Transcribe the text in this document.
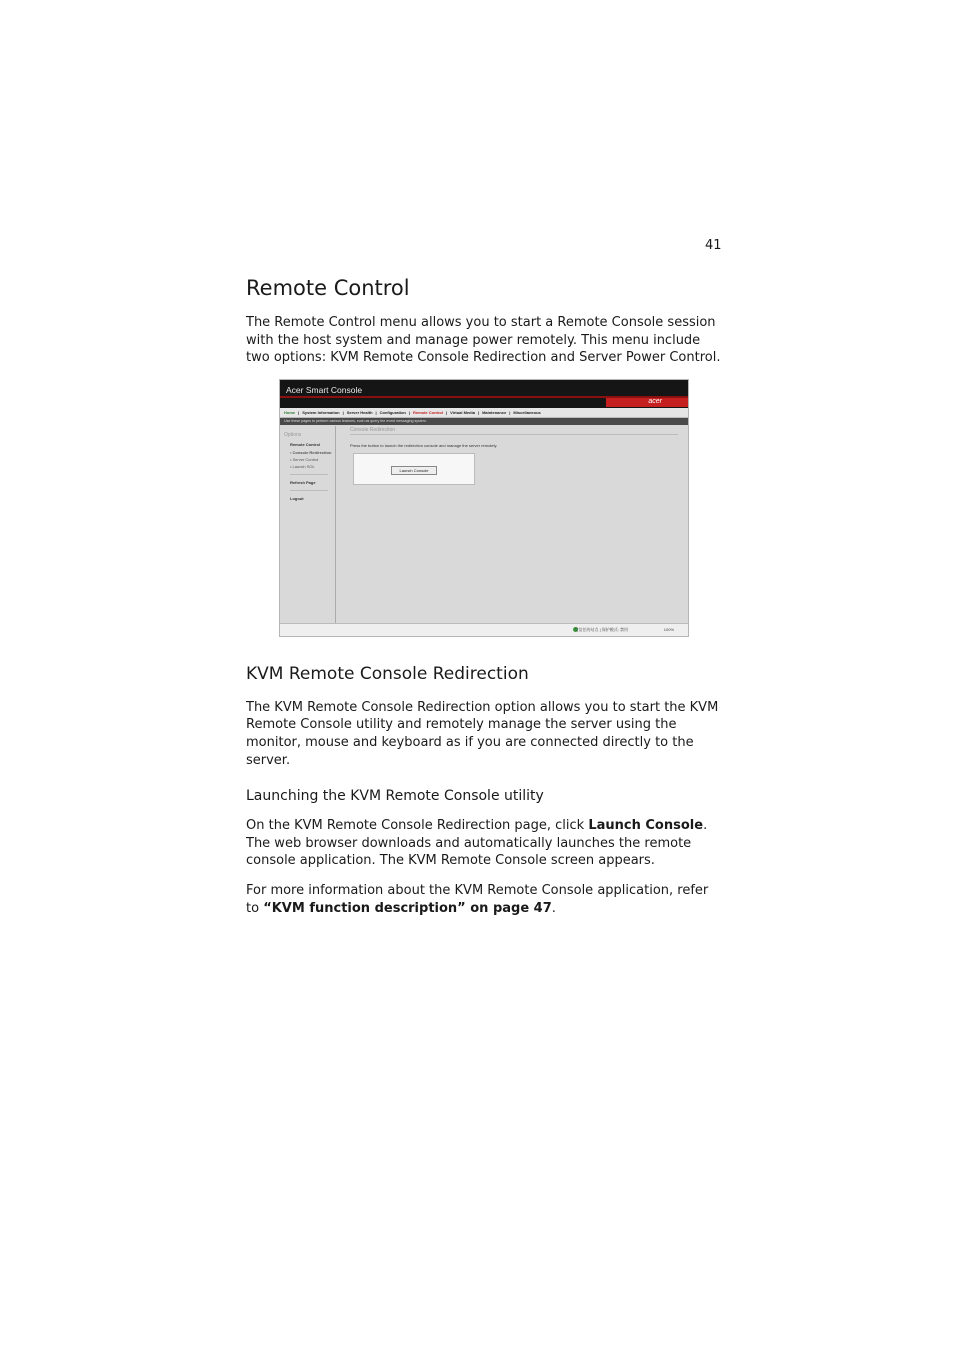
41
Remote Control

The Remote Control menu allows you to start a Remote Console session with the host system and manage power remotely. This menu include two options: KVM Remote Console Redirection and Server Power Control.

Acer Smart Console
acer
Home | System Information | Server Health | Configuration | Remote Control | Virtual Media | Maintenance | Miscellaneous
Use these pages to perform various features, such as query the event messaging system.
Options
Remote Control
• Console Redirection
• Server Control
• Launch SOL
Refresh Page
Logout
Console Redirection
Press the button to launch the redirection console and manage the server remotely.
Launch Console
受信任的站点 | 保护模式: 禁用	100%
KVM Remote Console Redirection

The KVM Remote Console Redirection option allows you to start the KVM Remote Console utility and remotely manage the server using the monitor, mouse and keyboard as if you are connected directly to the server.

Launching the KVM Remote Console utility

On the KVM Remote Console Redirection page, click Launch Console. The web browser downloads and automatically launches the remote console application. The KVM Remote Console screen appears.

For more information about the KVM Remote Console application, refer to “KVM function description” on page 47.
